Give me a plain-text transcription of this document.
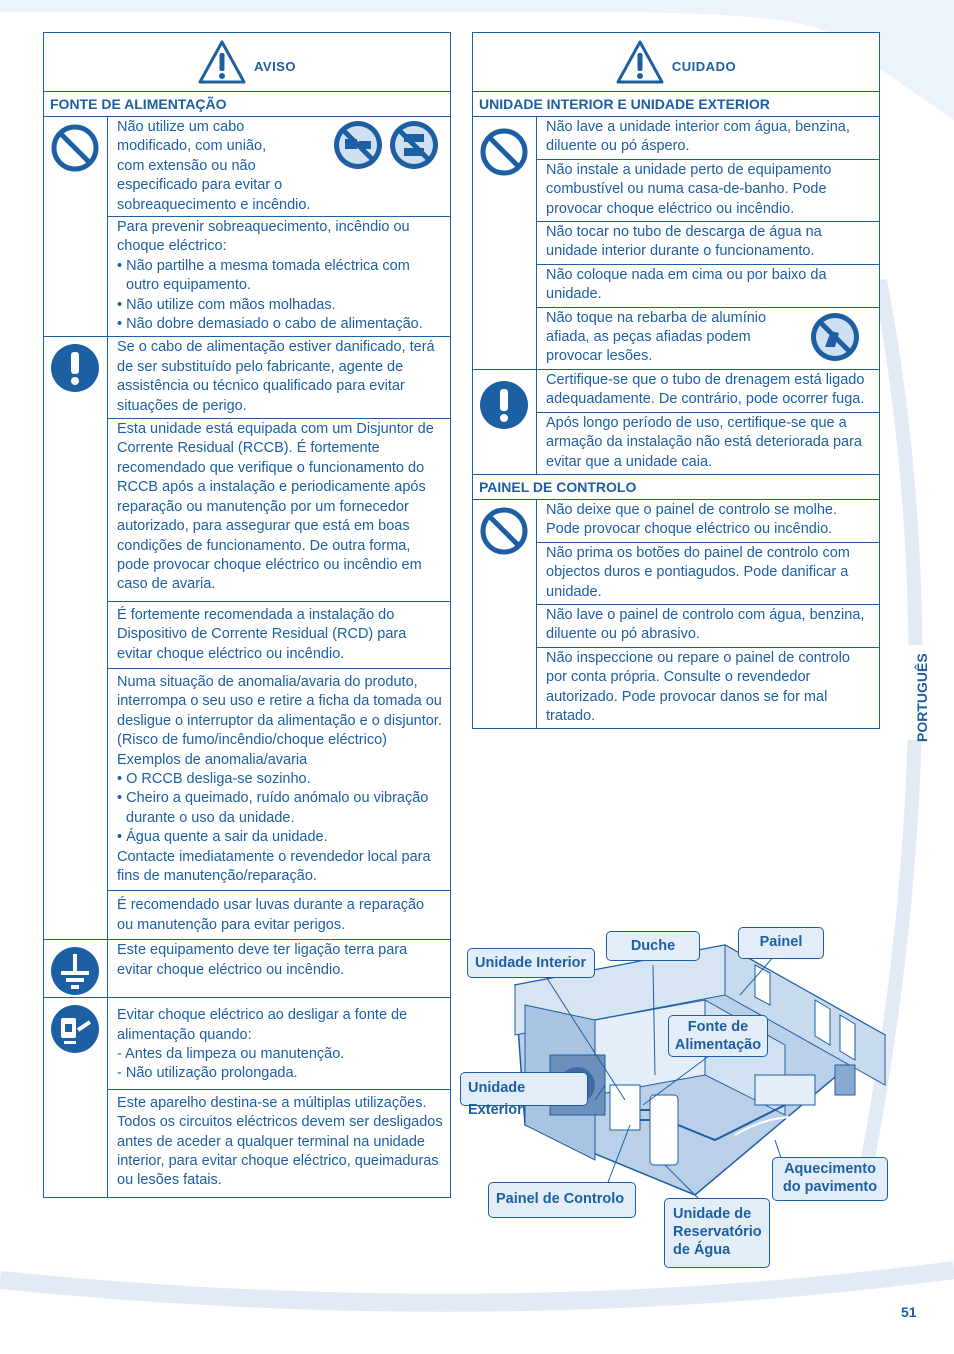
AVISO
FONTE DE ALIMENTAÇÃO
Não utilize um cabo
modificado, com união,
com extensão ou não
especificado para evitar o
sobreaquecimento e incêndio.
Para prevenir sobreaquecimento, incêndio ou choque eléctrico:
• Não partilhe a mesma tomada eléctrica com outro equipamento.
• Não utilize com mãos molhadas.
• Não dobre demasiado o cabo de alimentação.
Se o cabo de alimentação estiver danificado, terá de ser substituído pelo fabricante, agente de assistência ou técnico qualificado para evitar situações de perigo.
Esta unidade está equipada com um Disjuntor de Corrente Residual (RCCB). É fortemente recomendado que verifique o funcionamento do RCCB após a instalação e periodicamente após reparação ou manutenção por um fornecedor autorizado, para assegurar que está em boas condições de funcionamento. De outra forma, pode provocar choque eléctrico ou incêndio em caso de avaria.
É fortemente recomendada a instalação do Dispositivo de Corrente Residual (RCD) para evitar choque eléctrico ou incêndio.
Numa situação de anomalia/avaria do produto, interrompa o seu uso e retire a ficha da tomada ou desligue o interruptor da alimentação e o disjuntor.
(Risco de fumo/incêndio/choque eléctrico)
Exemplos de anomalia/avaria
• O RCCB desliga-se sozinho.
• Cheiro a queimado, ruído anómalo ou vibração durante o uso da unidade.
• Água quente a sair da unidade.
Contacte imediatamente o revendedor local para fins de manutenção/reparação.
É recomendado usar luvas durante a reparação ou manutenção para evitar perigos.
Este equipamento deve ter ligação terra para evitar choque eléctrico ou incêndio.
Evitar choque eléctrico ao desligar a fonte de alimentação quando:
- Antes da limpeza ou manutenção.
- Não utilização prolongada.
Este aparelho destina-se a múltiplas utilizações. Todos os circuitos eléctricos devem ser desligados antes de aceder a qualquer terminal na unidade interior, para evitar choque eléctrico, queimaduras ou lesões fatais.
CUIDADO
UNIDADE INTERIOR E UNIDADE EXTERIOR
Não lave a unidade interior com água, benzina, diluente ou pó áspero.
Não instale a unidade perto de equipamento combustível ou numa casa-de-banho. Pode provocar choque eléctrico ou incêndio.
Não tocar no tubo de descarga de água na unidade interior durante o funcionamento.
Não coloque nada em cima ou por baixo da unidade.
Não toque na rebarba de alumínio
afiada, as peças afiadas podem
provocar lesões.
Certifique-se que o tubo de drenagem está ligado adequadamente. De contrário, pode ocorrer fuga.
Após longo período de uso, certifique-se que a armação da instalação não está deteriorada para evitar que a unidade caia.
PAINEL DE CONTROLO
Não deixe que o painel de controlo se molhe. Pode provocar choque eléctrico ou incêndio.
Não prima os botões do painel de controlo com objectos duros e pontiagudos. Pode danificar a unidade.
Não lave o painel de controlo com água, benzina, diluente ou pó abrasivo.
Não inspeccione ou repare o painel de controlo por conta própria. Consulte o revendedor autorizado. Pode provocar danos se for mal tratado.	PORTUGUÊS
51
Unidade Interior
Duche	Painel
Fonte de
Alimentação
Unidade Exterior
Aquecimento
do pavimento
Painel de Controlo
Unidade de
Reservatório
de Água
